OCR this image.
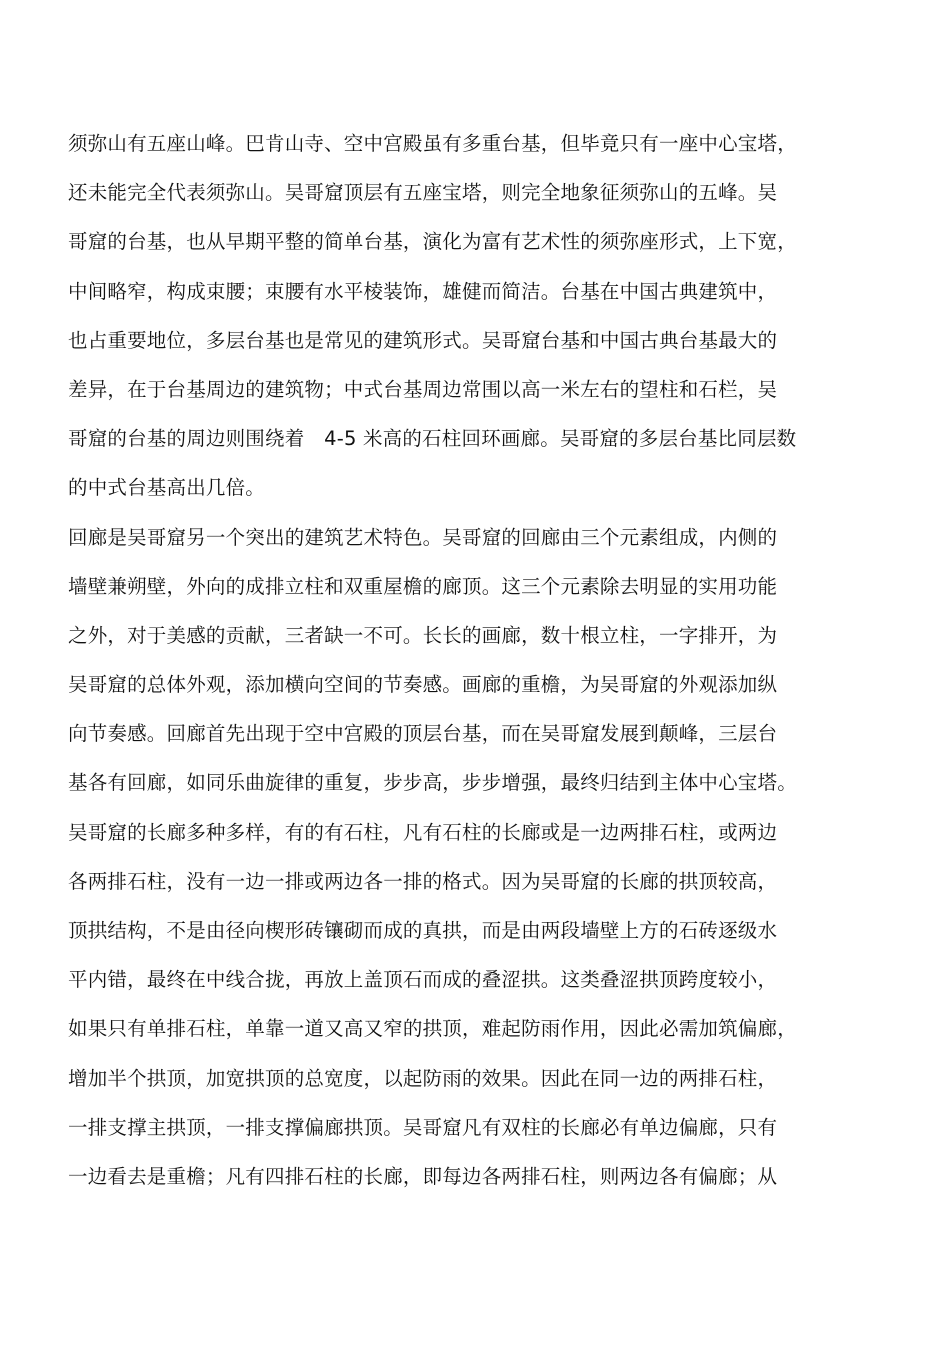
须弥山有五座山峰。巴肯山寺、空中宫殿虽有多重台基，但毕竟只有一座中心宝塔，
还未能完全代表须弥山。吴哥窟顶层有五座宝塔，则完全地象征须弥山的五峰。吴
哥窟的台基，也从早期平整的简单台基，演化为富有艺术性的须弥座形式，上下宽，
中间略窄，构成束腰；束腰有水平棱装饰，雄健而简洁。台基在中国古典建筑中，
也占重要地位，多层台基也是常见的建筑形式。吴哥窟台基和中国古典台基最大的
差异，在于台基周边的建筑物；中式台基周边常围以高一米左右的望柱和石栏，吴
哥窟的台基的周边则围绕着　4-5 米高的石柱回环画廊。吴哥窟的多层台基比同层数
的中式台基高出几倍。
回廊是吴哥窟另一个突出的建筑艺术特色。吴哥窟的回廊由三个元素组成，内侧的
墙壁兼朔壁，外向的成排立柱和双重屋檐的廊顶。这三个元素除去明显的实用功能
之外，对于美感的贡献，三者缺一不可。长长的画廊，数十根立柱，一字排开，为
吴哥窟的总体外观，添加横向空间的节奏感。画廊的重檐，为吴哥窟的外观添加纵
向节奏感。回廊首先出现于空中宫殿的顶层台基，而在吴哥窟发展到颠峰，三层台
基各有回廊，如同乐曲旋律的重复，步步高，步步增强，最终归结到主体中心宝塔。
吴哥窟的长廊多种多样，有的有石柱，凡有石柱的长廊或是一边两排石柱，或两边
各两排石柱，没有一边一排或两边各一排的格式。因为吴哥窟的长廊的拱顶较高，
顶拱结构，不是由径向楔形砖镶砌而成的真拱，而是由两段墙壁上方的石砖逐级水
平内错，最终在中线合拢，再放上盖顶石而成的叠涩拱。这类叠涩拱顶跨度较小，
如果只有单排石柱，单靠一道又高又窄的拱顶，难起防雨作用，因此必需加筑偏廊，
增加半个拱顶，加宽拱顶的总宽度，以起防雨的效果。因此在同一边的两排石柱，
一排支撑主拱顶，一排支撑偏廊拱顶。吴哥窟凡有双柱的长廊必有单边偏廊，只有
一边看去是重檐；凡有四排石柱的长廊，即每边各两排石柱，则两边各有偏廊；从
